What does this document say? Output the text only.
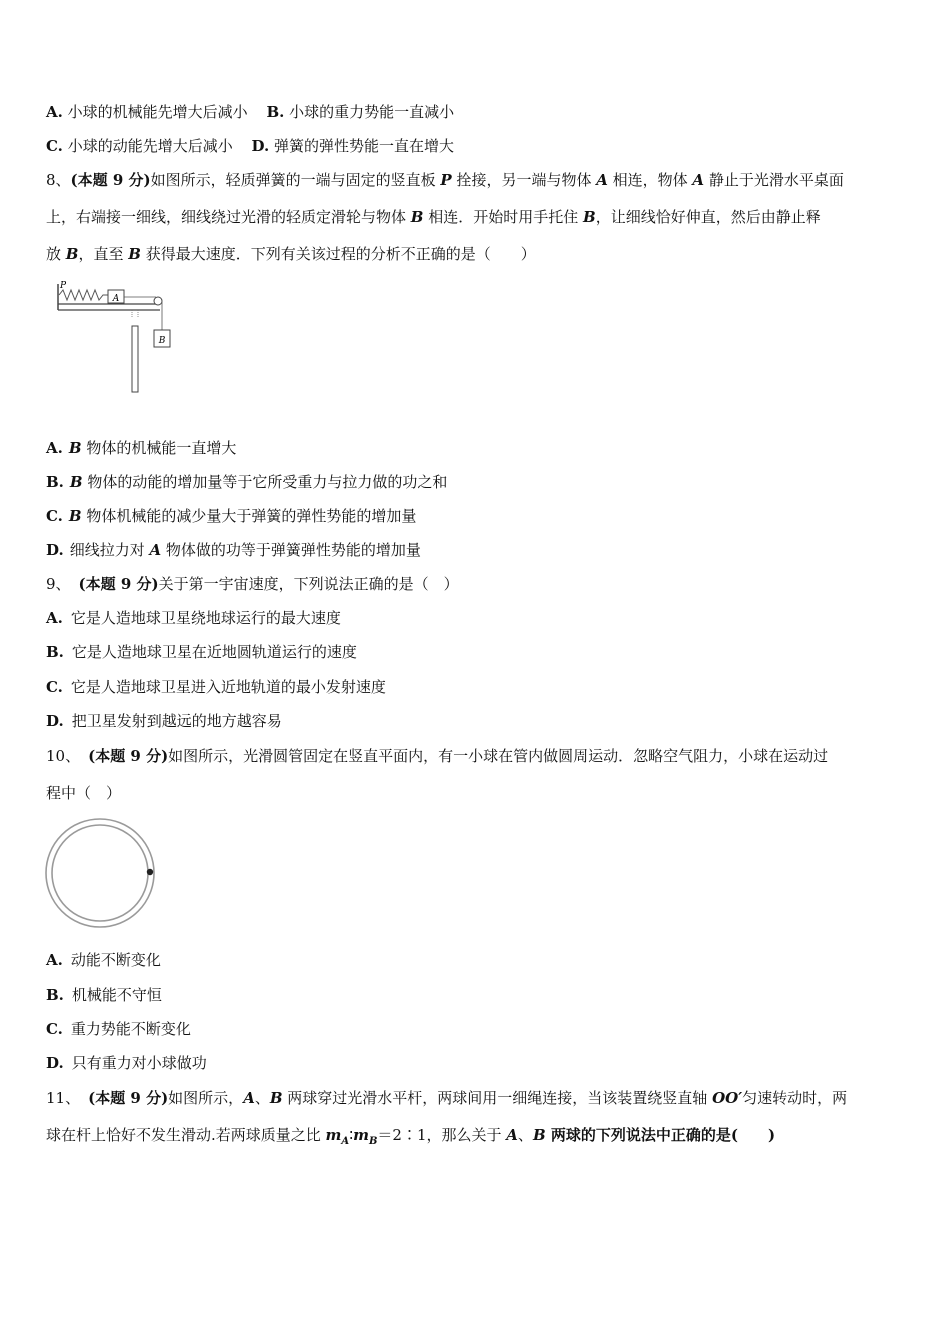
A. 小球的机械能先增大后减小 B. 小球的重力势能一直减小
C. 小球的动能先增大后减小 D. 弹簧的弹性势能一直在增大
8、(本题 9 分)如图所示，轻质弹簧的一端与固定的竖直板 P 拴接，另一端与物体 A 相连，物体 A 静止于光滑水平桌面
上，右端接一细线，细线绕过光滑的轻质定滑轮与物体 B 相连．开始时用手托住 B，让细线恰好伸直，然后由静止释
放 B，直至 B 获得最大速度．下列有关该过程的分析不正确的是（　　）
A
P
B
A. B 物体的机械能一直增大
B. B 物体的动能的增加量等于它所受重力与拉力做的功之和
C. B 物体机械能的减少量大于弹簧的弹性势能的增加量
D. 细线拉力对 A 物体做的功等于弹簧弹性势能的增加量
9、 (本题 9 分)关于第一宇宙速度，下列说法正确的是（　）
A. 它是人造地球卫星绕地球运行的最大速度
B. 它是人造地球卫星在近地圆轨道运行的速度
C. 它是人造地球卫星进入近地轨道的最小发射速度
D. 把卫星发射到越远的地方越容易
10、 (本题 9 分)如图所示，光滑圆管固定在竖直平面内，有一小球在管内做圆周运动．忽略空气阻力，小球在运动过
程中（　）
A. 动能不断变化
B. 机械能不守恒
C. 重力势能不断变化
D. 只有重力对小球做功
11、 (本题 9 分)如图所示，A、B 两球穿过光滑水平杆，两球间用一细绳连接，当该装置绕竖直轴 OO′匀速转动时，两
球在杆上恰好不发生滑动.若两球质量之比 $m_A∶m_B=2∶1$，那么关于 A、B 两球的下列说法中正确的是(　　)
